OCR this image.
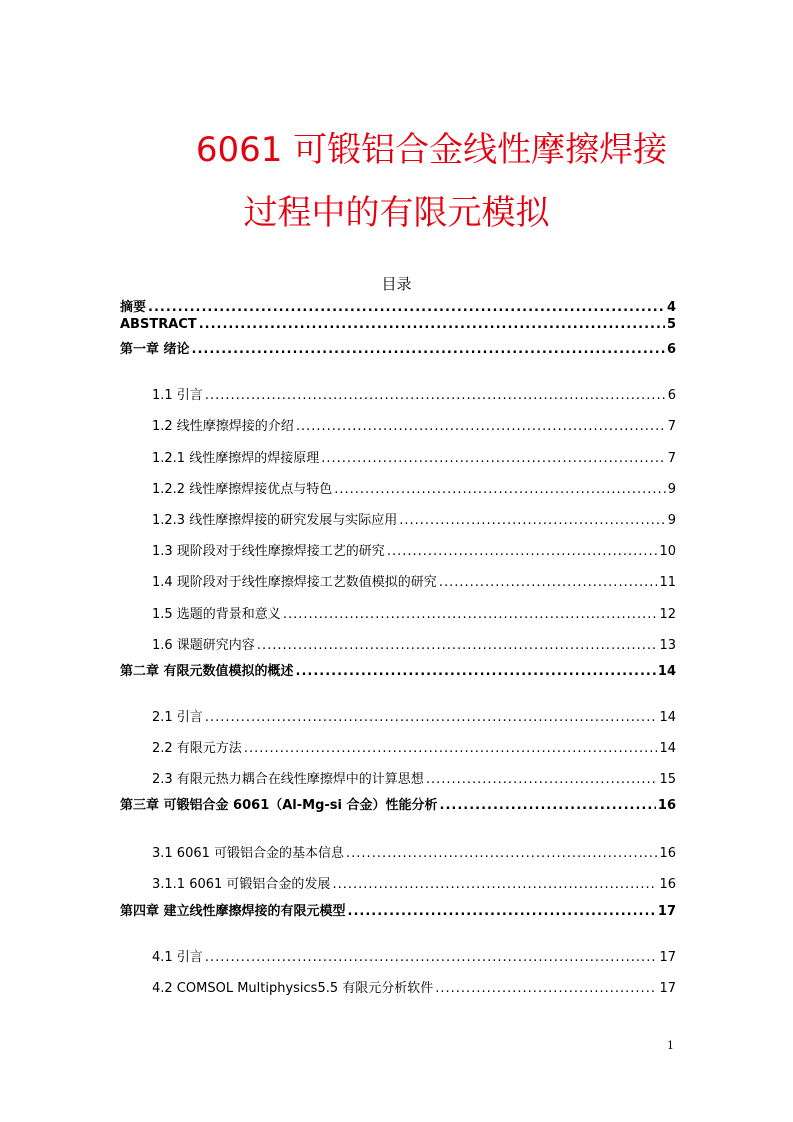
6061 可锻铝合金线性摩擦焊接
过程中的有限元模拟
目录
摘要 .....	4
ABSTRACT .....	5
第一章 绪论 .....	6
1.1 引言 .....	6
1.2 线性摩擦焊接的介绍 .....	7
1.2.1 线性摩擦焊的焊接原理 .....	7
1.2.2 线性摩擦焊接优点与特色 .....	9
1.2.3 线性摩擦焊接的研究发展与实际应用 .....	9
1.3 现阶段对于线性摩擦焊接工艺的研究 .....	10
1.4 现阶段对于线性摩擦焊接工艺数值模拟的研究 .....	11
1.5 选题的背景和意义 .....	12
1.6 课题研究内容 .....	13
第二章 有限元数值模拟的概述 .....	14
2.1 引言 .....	14
2.2 有限元方法 .....	14
2.3 有限元热力耦合在线性摩擦焊中的计算思想 .....	15
第三章 可锻铝合金 6061（Al-Mg-si 合金）性能分析 .....	16
3.1 6061 可锻铝合金的基本信息 .....	16
3.1.1 6061 可锻铝合金的发展 .....	16
第四章 建立线性摩擦焊接的有限元模型 .....	17
4.1 引言 .....	17
4.2 COMSOL Multiphysics5.5 有限元分析软件 .....	17
1
